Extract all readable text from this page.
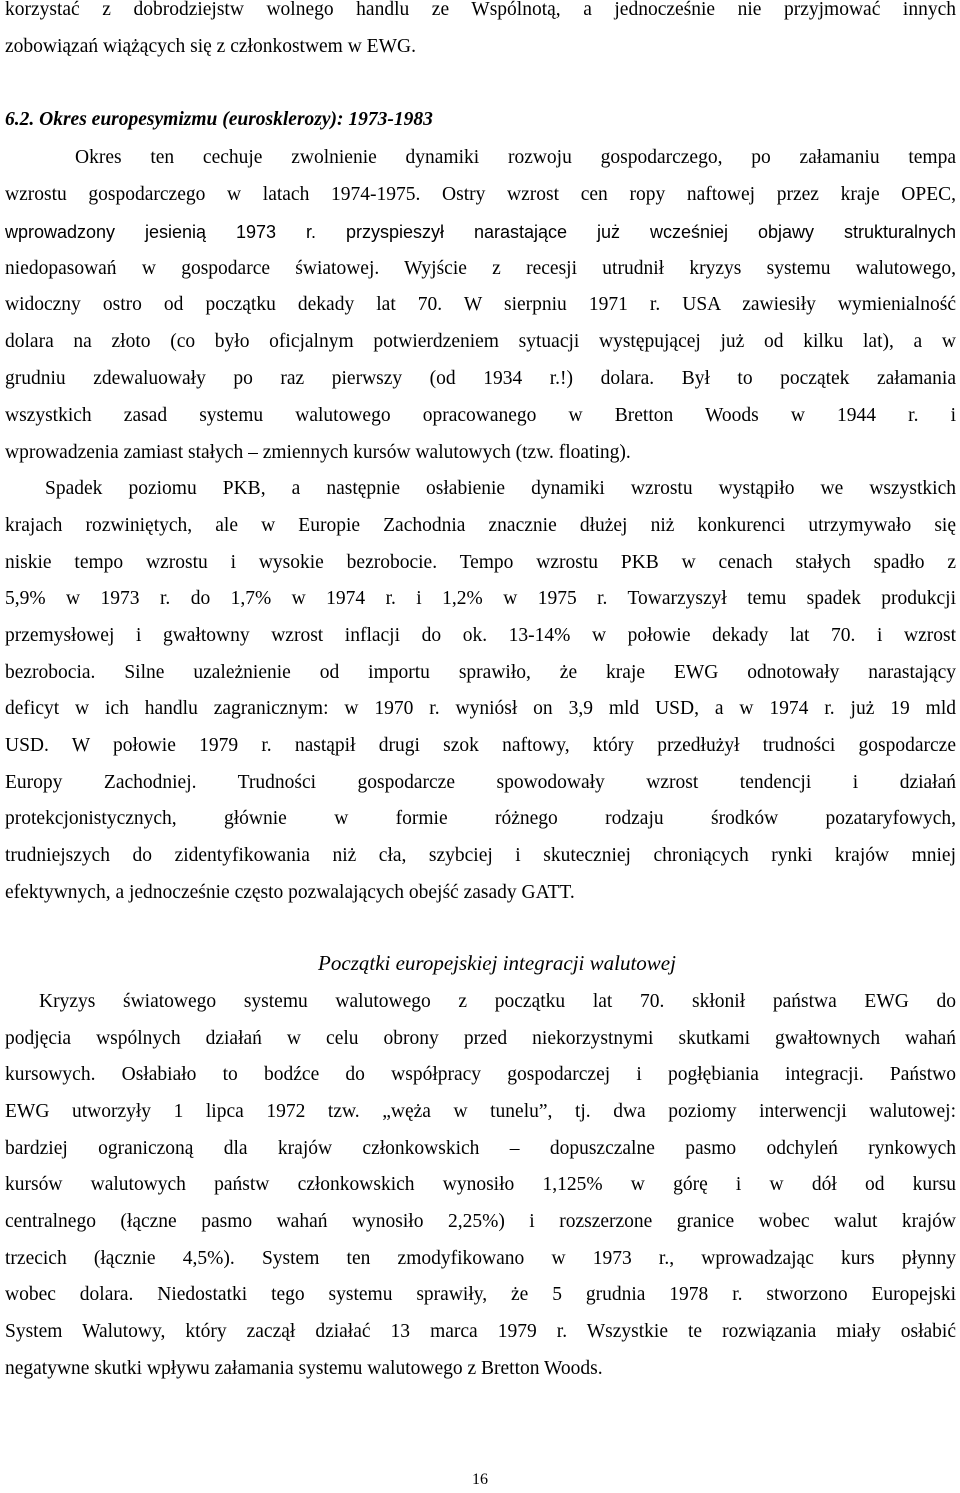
korzystać z dobrodziejstw wolnego handlu ze Wspólnotą, a jednocześnie nie przyjmować innych
zobowiązań wiążących się z członkostwem w EWG.
6.2. Okres europesymizmu (eurosklerozy): 1973-1983
Okres ten cechuje zwolnienie dynamiki rozwoju gospodarczego, po załamaniu tempa
wzrostu gospodarczego w latach 1974-1975. Ostry wzrost cen ropy naftowej przez kraje OPEC,
wprowadzony jesienią 1973 r. przyspieszył narastające już wcześniej objawy strukturalnych
niedopasowań w gospodarce światowej. Wyjście z recesji utrudnił kryzys systemu walutowego,
widoczny ostro od początku dekady lat 70. W sierpniu 1971 r. USA zawiesiły wymienialność
dolara na złoto (co było oficjalnym potwierdzeniem sytuacji występującej już od kilku lat), a w
grudniu zdewaluowały po raz pierwszy (od 1934 r.!) dolara. Był to początek załamania
wszystkich zasad systemu walutowego opracowanego w Bretton Woods w 1944 r. i
wprowadzenia zamiast stałych – zmiennych kursów walutowych (tzw. floating).
Spadek poziomu PKB, a następnie osłabienie dynamiki wzrostu wystąpiło we wszystkich
krajach rozwiniętych, ale w Europie Zachodnia znacznie dłużej niż konkurenci utrzymywało się
niskie tempo wzrostu i wysokie bezrobocie. Tempo wzrostu PKB w cenach stałych spadło z
5,9% w 1973 r. do 1,7% w 1974 r. i 1,2% w 1975 r. Towarzyszył temu spadek produkcji
przemysłowej i gwałtowny wzrost inflacji do ok. 13-14% w połowie dekady lat 70. i wzrost
bezrobocia. Silne uzależnienie od importu sprawiło, że kraje EWG odnotowały narastający
deficyt w ich handlu zagranicznym: w 1970 r. wyniósł on 3,9 mld USD, a w 1974 r. już 19 mld
USD. W połowie 1979 r. nastąpił drugi szok naftowy, który przedłużył trudności gospodarcze
Europy Zachodniej. Trudności gospodarcze spowodowały wzrost tendencji i działań
protekcjonistycznych, głównie w formie różnego rodzaju środków pozataryfowych,
trudniejszych do zidentyfikowania niż cła, szybciej i skuteczniej chroniących rynki krajów mniej
efektywnych, a jednocześnie często pozwalających obejść zasady GATT.
Początki europejskiej integracji walutowej
Kryzys światowego systemu walutowego z początku lat 70. skłonił państwa EWG do
podjęcia wspólnych działań w celu obrony przed niekorzystnymi skutkami gwałtownych wahań
kursowych. Osłabiało to bodźce do współpracy gospodarczej i pogłębiania integracji. Państwo
EWG utworzyły 1 lipca 1972 tzw. „węża w tunelu”, tj. dwa poziomy interwencji walutowej:
bardziej ograniczoną dla krajów członkowskich – dopuszczalne pasmo odchyleń rynkowych
kursów walutowych państw członkowskich wynosiło 1,125% w górę i w dół od kursu
centralnego (łączne pasmo wahań wynosiło 2,25%) i rozszerzone granice wobec walut krajów
trzecich (łącznie 4,5%). System ten zmodyfikowano w 1973 r., wprowadzając kurs płynny
wobec dolara. Niedostatki tego systemu sprawiły, że 5 grudnia 1978 r. stworzono Europejski
System Walutowy, który zaczął działać 13 marca 1979 r. Wszystkie te rozwiązania miały osłabić
negatywne skutki wpływu załamania systemu walutowego z Bretton Woods.
16
